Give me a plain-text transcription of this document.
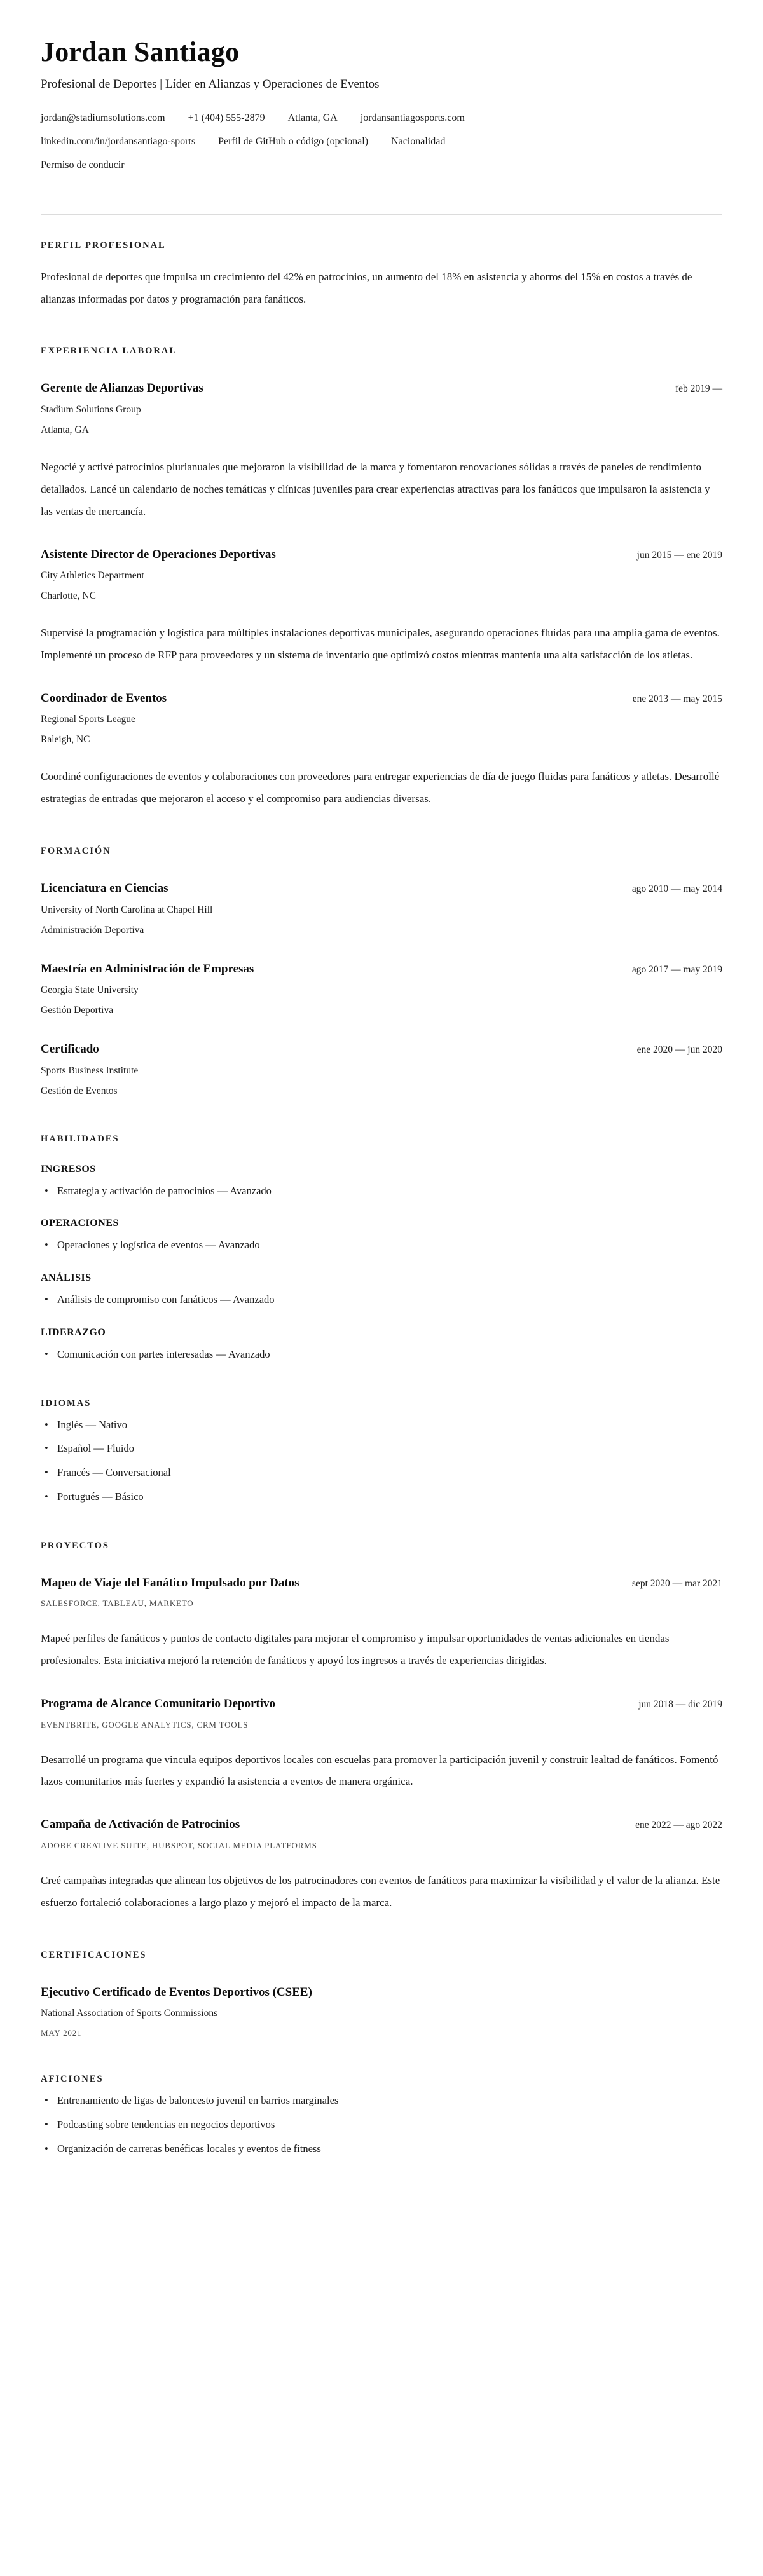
Jordan Santiago
Profesional de Deportes | Líder en Alianzas y Operaciones de Eventos
jordan@stadiumsolutions.com +1 (404) 555-2879 Atlanta, GA jordansantiagosports.com
linkedin.com/in/jordansantiago-sports Perfil de GitHub o código (opcional) Nacionalidad
Permiso de conducir
PERFIL PROFESIONAL

Profesional de deportes que impulsa un crecimiento del 42% en patrocinios, un aumento del 18% en asistencia y ahorros del 15% en costos a través de alianzas informadas por datos y programación para fanáticos.

EXPERIENCIA LABORAL
Gerente de Alianzas Deportivas	feb 2019 —
Stadium Solutions Group
Atlanta, GA

Negocié y activé patrocinios plurianuales que mejoraron la visibilidad de la marca y fomentaron renovaciones sólidas a través de paneles de rendimiento detallados. Lancé un calendario de noches temáticas y clínicas juveniles para crear experiencias atractivas para los fanáticos que impulsaron la asistencia y las ventas de mercancía.

Asistente Director de Operaciones Deportivas	jun 2015 — ene 2019
City Athletics Department
Charlotte, NC

Supervisé la programación y logística para múltiples instalaciones deportivas municipales, asegurando operaciones fluidas para una amplia gama de eventos. Implementé un proceso de RFP para proveedores y un sistema de inventario que optimizó costos mientras mantenía una alta satisfacción de los atletas.

Coordinador de Eventos	ene 2013 — may 2015
Regional Sports League
Raleigh, NC

Coordiné configuraciones de eventos y colaboraciones con proveedores para entregar experiencias de día de juego fluidas para fanáticos y atletas. Desarrollé estrategias de entradas que mejoraron el acceso y el compromiso para audiencias diversas.

FORMACIÓN
Licenciatura en Ciencias	ago 2010 — may 2014
University of North Carolina at Chapel Hill
Administración Deportiva
Maestría en Administración de Empresas	ago 2017 — may 2019
Georgia State University
Gestión Deportiva
Certificado	ene 2020 — jun 2020
Sports Business Institute
Gestión de Eventos
HABILIDADES
INGRESOS
• Estrategia y activación de patrocinios — Avanzado
OPERACIONES
• Operaciones y logística de eventos — Avanzado
ANÁLISIS
• Análisis de compromiso con fanáticos — Avanzado
LIDERAZGO
• Comunicación con partes interesadas — Avanzado
IDIOMAS
• Inglés — Nativo
• Español — Fluido
• Francés — Conversacional
• Portugués — Básico
PROYECTOS
Mapeo de Viaje del Fanático Impulsado por Datos	sept 2020 — mar 2021
SALESFORCE, TABLEAU, MARKETO

Mapeé perfiles de fanáticos y puntos de contacto digitales para mejorar el compromiso y impulsar oportunidades de ventas adicionales en tiendas profesionales. Esta iniciativa mejoró la retención de fanáticos y apoyó los ingresos a través de experiencias dirigidas.

Programa de Alcance Comunitario Deportivo	jun 2018 — dic 2019
EVENTBRITE, GOOGLE ANALYTICS, CRM TOOLS

Desarrollé un programa que vincula equipos deportivos locales con escuelas para promover la participación juvenil y construir lealtad de fanáticos. Fomentó lazos comunitarios más fuertes y expandió la asistencia a eventos de manera orgánica.

Campaña de Activación de Patrocinios	ene 2022 — ago 2022
ADOBE CREATIVE SUITE, HUBSPOT, SOCIAL MEDIA PLATFORMS

Creé campañas integradas que alinean los objetivos de los patrocinadores con eventos de fanáticos para maximizar la visibilidad y el valor de la alianza. Este esfuerzo fortaleció colaboraciones a largo plazo y mejoró el impacto de la marca.

CERTIFICACIONES
Ejecutivo Certificado de Eventos Deportivos (CSEE)
National Association of Sports Commissions
MAY 2021
AFICIONES
• Entrenamiento de ligas de baloncesto juvenil en barrios marginales
• Podcasting sobre tendencias en negocios deportivos
• Organización de carreras benéficas locales y eventos de fitness
